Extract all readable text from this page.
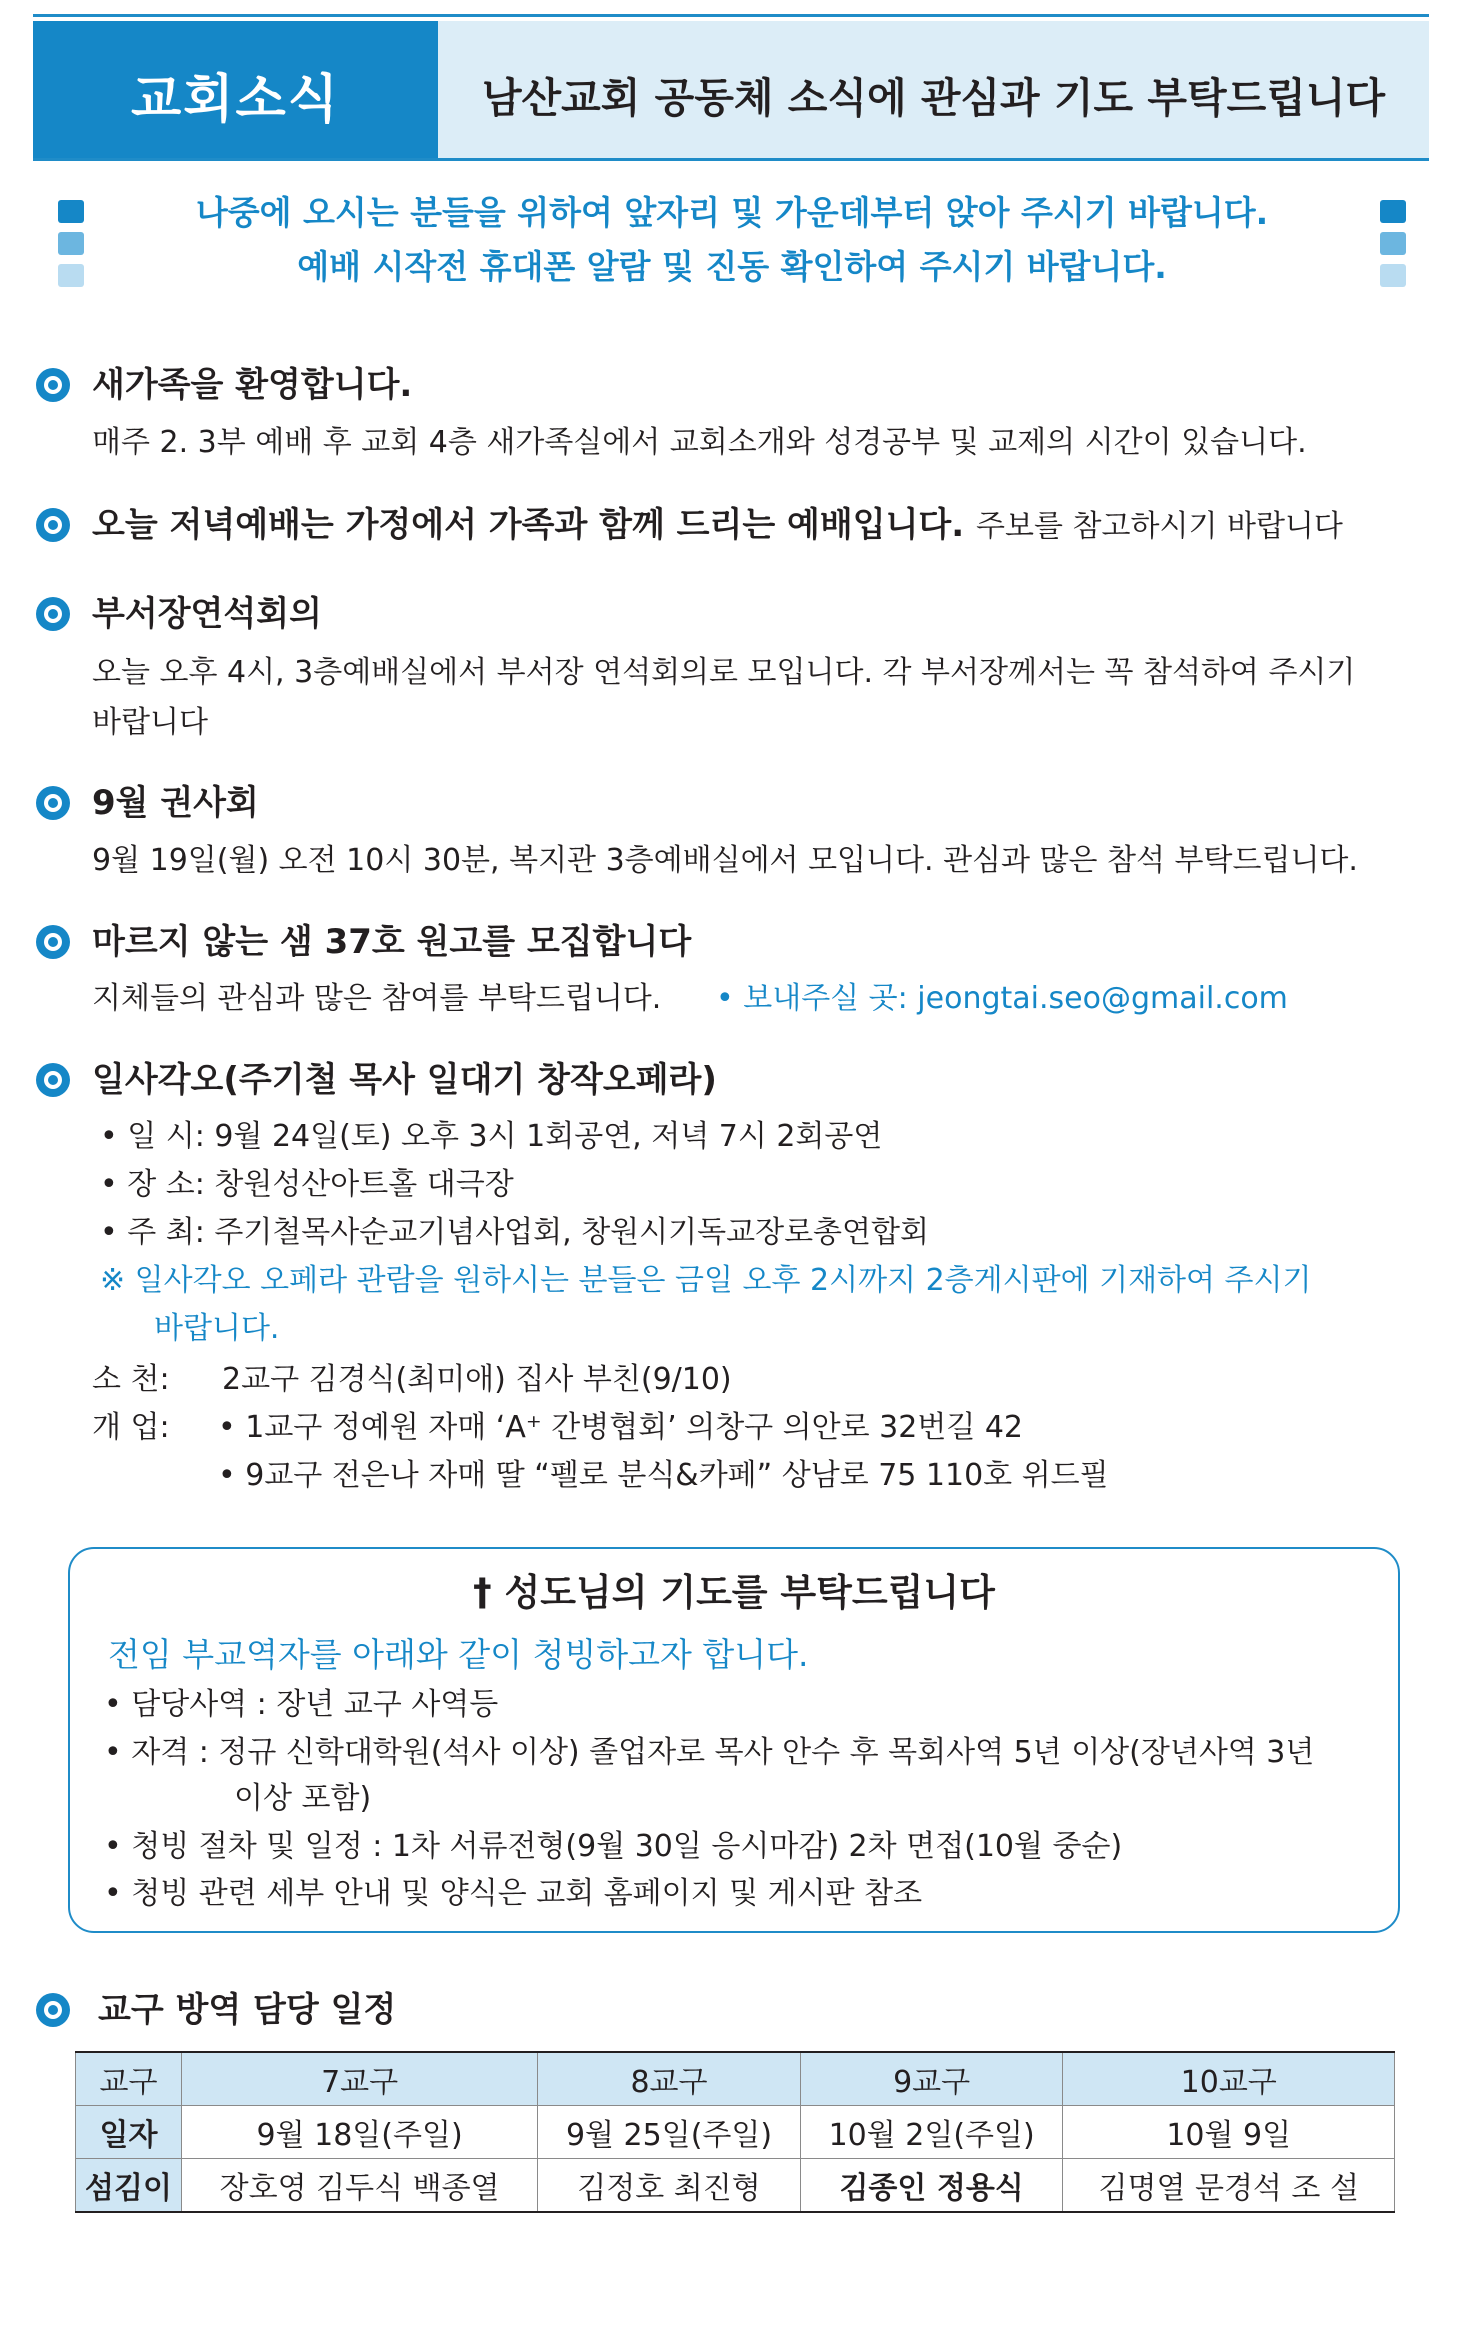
교회소식	남산교회 공동체 소식에 관심과 기도 부탁드립니다
나중에 오시는 분들을 위하여 앞자리 및 가운데부터 앉아 주시기 바랍니다.
예배 시작전 휴대폰 알람 및 진동 확인하여 주시기 바랍니다.
새가족을 환영합니다.
매주 2. 3부 예배 후 교회 4층 새가족실에서 교회소개와 성경공부 및 교제의 시간이 있습니다.
오늘 저녁예배는 가정에서 가족과 함께 드리는 예배입니다. 주보를 참고하시기 바랍니다
부서장연석회의
오늘 오후 4시, 3층예배실에서 부서장 연석회의로 모입니다. 각 부서장께서는 꼭 참석하여 주시기
바랍니다
9월 권사회
9월 19일(월) 오전 10시 30분, 복지관 3층예배실에서 모입니다. 관심과 많은 참석 부탁드립니다.
마르지 않는 샘 37호 원고를 모집합니다
지체들의 관심과 많은 참여를 부탁드립니다. • 보내주실 곳: jeongtai.seo@gmail.com
일사각오(주기철 목사 일대기 창작오페라)
• 일 시: 9월 24일(토) 오후 3시 1회공연, 저녁 7시 2회공연
• 장 소: 창원성산아트홀 대극장
• 주 최: 주기철목사순교기념사업회, 창원시기독교장로총연합회
※ 일사각오 오페라 관람을 원하시는 분들은 금일 오후 2시까지 2층게시판에 기재하여 주시기
바랍니다.
소 천: 2교구 김경식(최미애) 집사 부친(9/10)
개 업: • 1교구 정예원 자매 ‘A⁺ 간병협회’ 의창구 의안로 32번길 42
• 9교구 전은나 자매 딸 “펠로 분식&카페” 상남로 75 110호 위드필
† 성도님의 기도를 부탁드립니다
전임 부교역자를 아래와 같이 청빙하고자 합니다.
• 담당사역 : 장년 교구 사역등
• 자격 : 정규 신학대학원(석사 이상) 졸업자로 목사 안수 후 목회사역 5년 이상(장년사역 3년
이상 포함)
• 청빙 절차 및 일정 : 1차 서류전형(9월 30일 응시마감) 2차 면접(10월 중순)
• 청빙 관련 세부 안내 및 양식은 교회 홈페이지 및 게시판 참조
교구 방역 담당 일정
교구	7교구	8교구	9교구	10교구
일자	9월 18일(주일)	9월 25일(주일)	10월 2일(주일)	10월 9일
섬김이	장호영 김두식 백종열	김정호 최진형	김종인 정용식	김명열 문경석 조 설
